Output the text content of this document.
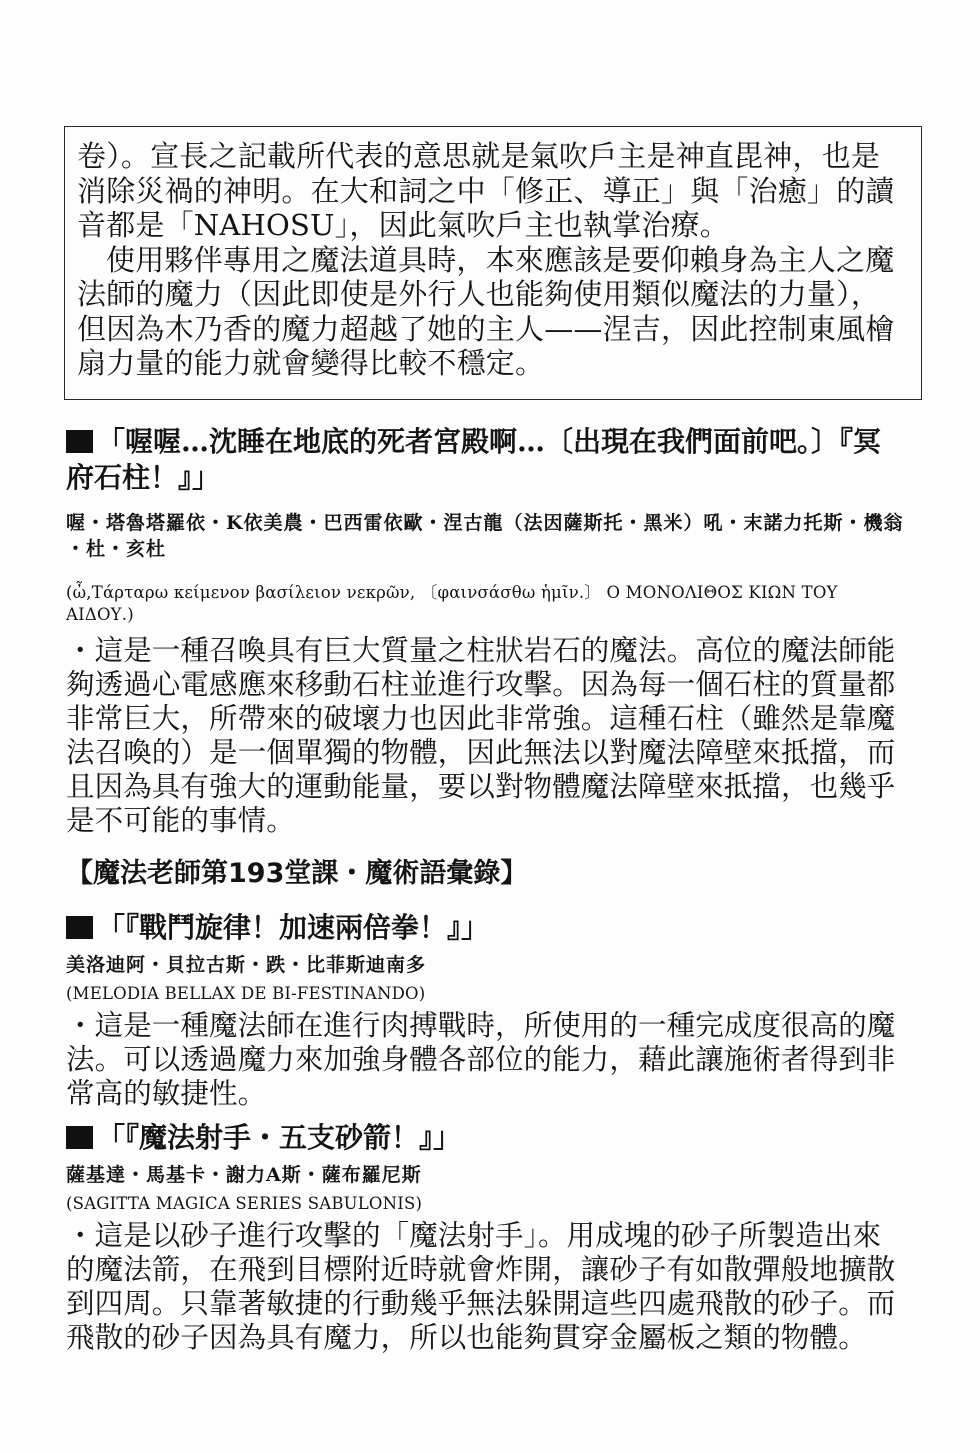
卷）。宣長之記載所代表的意思就是氣吹戶主是神直毘神，也是消除災禍的神明。在大和詞之中「修正、導正」與「治癒」的讀音都是「NAHOSU」，因此氣吹戶主也執掌治療。

使用夥伴專用之魔法道具時，本來應該是要仰賴身為主人之魔法師的魔力（因此即使是外行人也能夠使用類似魔法的力量），但因為木乃香的魔力超越了她的主人——涅吉，因此控制東風檜扇力量的能力就會變得比較不穩定。

「喔喔…沈睡在地底的死者宮殿啊…〔出現在我們面前吧。〕『冥府石柱！』」
喔・塔魯塔羅依・K依美農・巴西雷依歐・涅古龍（法因薩斯托・黑米）吼・末諾力托斯・機翁・杜・亥杜
(ὦ,Τάρταρω κείμενον βασίλειον νεκρῶν, 〔φαινσάσθω ἡμῖν.〕 Ο ΜΟΝΟΛΙΘΟΣ ΚΙΩΝ ΤΟΥ ΑΙΔΟΥ.)
・這是一種召喚具有巨大質量之柱狀岩石的魔法。高位的魔法師能夠透過心電感應來移動石柱並進行攻擊。因為每一個石柱的質量都非常巨大，所帶來的破壞力也因此非常強。這種石柱（雖然是靠魔法召喚的）是一個單獨的物體，因此無法以對魔法障壁來抵擋，而且因為具有強大的運動能量，要以對物體魔法障壁來抵擋，也幾乎是不可能的事情。
【魔法老師第193堂課・魔術語彙錄】
「『戰鬥旋律！加速兩倍拳！』」
美洛迪阿・貝拉古斯・跌・比菲斯迪南多
(MELODIA BELLAX DE BI-FESTINANDO)
・這是一種魔法師在進行肉搏戰時，所使用的一種完成度很高的魔法。可以透過魔力來加強身體各部位的能力，藉此讓施術者得到非常高的敏捷性。
「『魔法射手・五支砂箭！』」
薩基達・馬基卡・謝力A斯・薩布羅尼斯
(SAGITTA MAGICA SERIES SABULONIS)
・這是以砂子進行攻擊的「魔法射手」。用成塊的砂子所製造出來的魔法箭，在飛到目標附近時就會炸開，讓砂子有如散彈般地擴散到四周。只靠著敏捷的行動幾乎無法躲開這些四處飛散的砂子。而飛散的砂子因為具有魔力，所以也能夠貫穿金屬板之類的物體。
